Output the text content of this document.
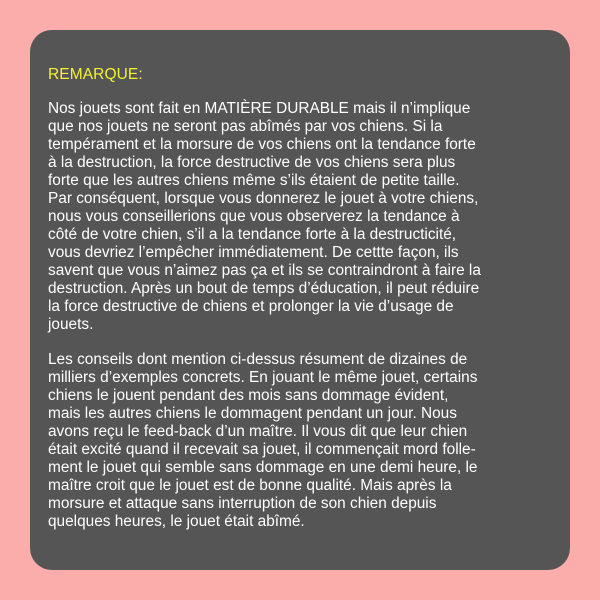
REMARQUE:
Nos jouets sont fait en MATIÈRE DURABLE mais il n’implique
que nos jouets ne seront pas abîmés par vos chiens. Si la
tempérament et la morsure de vos chiens ont la tendance forte
à la destruction, la force destructive de vos chiens sera plus
forte que les autres chiens même s’ils étaient de petite taille.
Par conséquent, lorsque vous donnerez le jouet à votre chiens,
nous vous conseillerions que vous observerez la tendance à
côté de votre chien, s’il a la tendance forte à la destructicité,
vous devriez l’empêcher immédiatement. De cettte façon, ils
savent que vous n’aimez pas ça et ils se contraindront à faire la
destruction. Après un bout de temps d’éducation, il peut réduire
la force destructive de chiens et prolonger la vie d’usage de
jouets.
Les conseils dont mention ci-dessus résument de dizaines de
milliers d’exemples concrets. En jouant le même jouet, certains
chiens le jouent pendant des mois sans dommage évident,
mais les autres chiens le dommagent pendant un jour. Nous
avons reçu le feed-back d’un maître. Il vous dit que leur chien
était excité quand il recevait sa jouet, il commençait mord folle-
ment le jouet qui semble sans dommage en une demi heure, le
maître croit que le jouet est de bonne qualité. Mais après la
morsure et attaque sans interruption de son chien depuis
quelques heures, le jouet était abîmé.
